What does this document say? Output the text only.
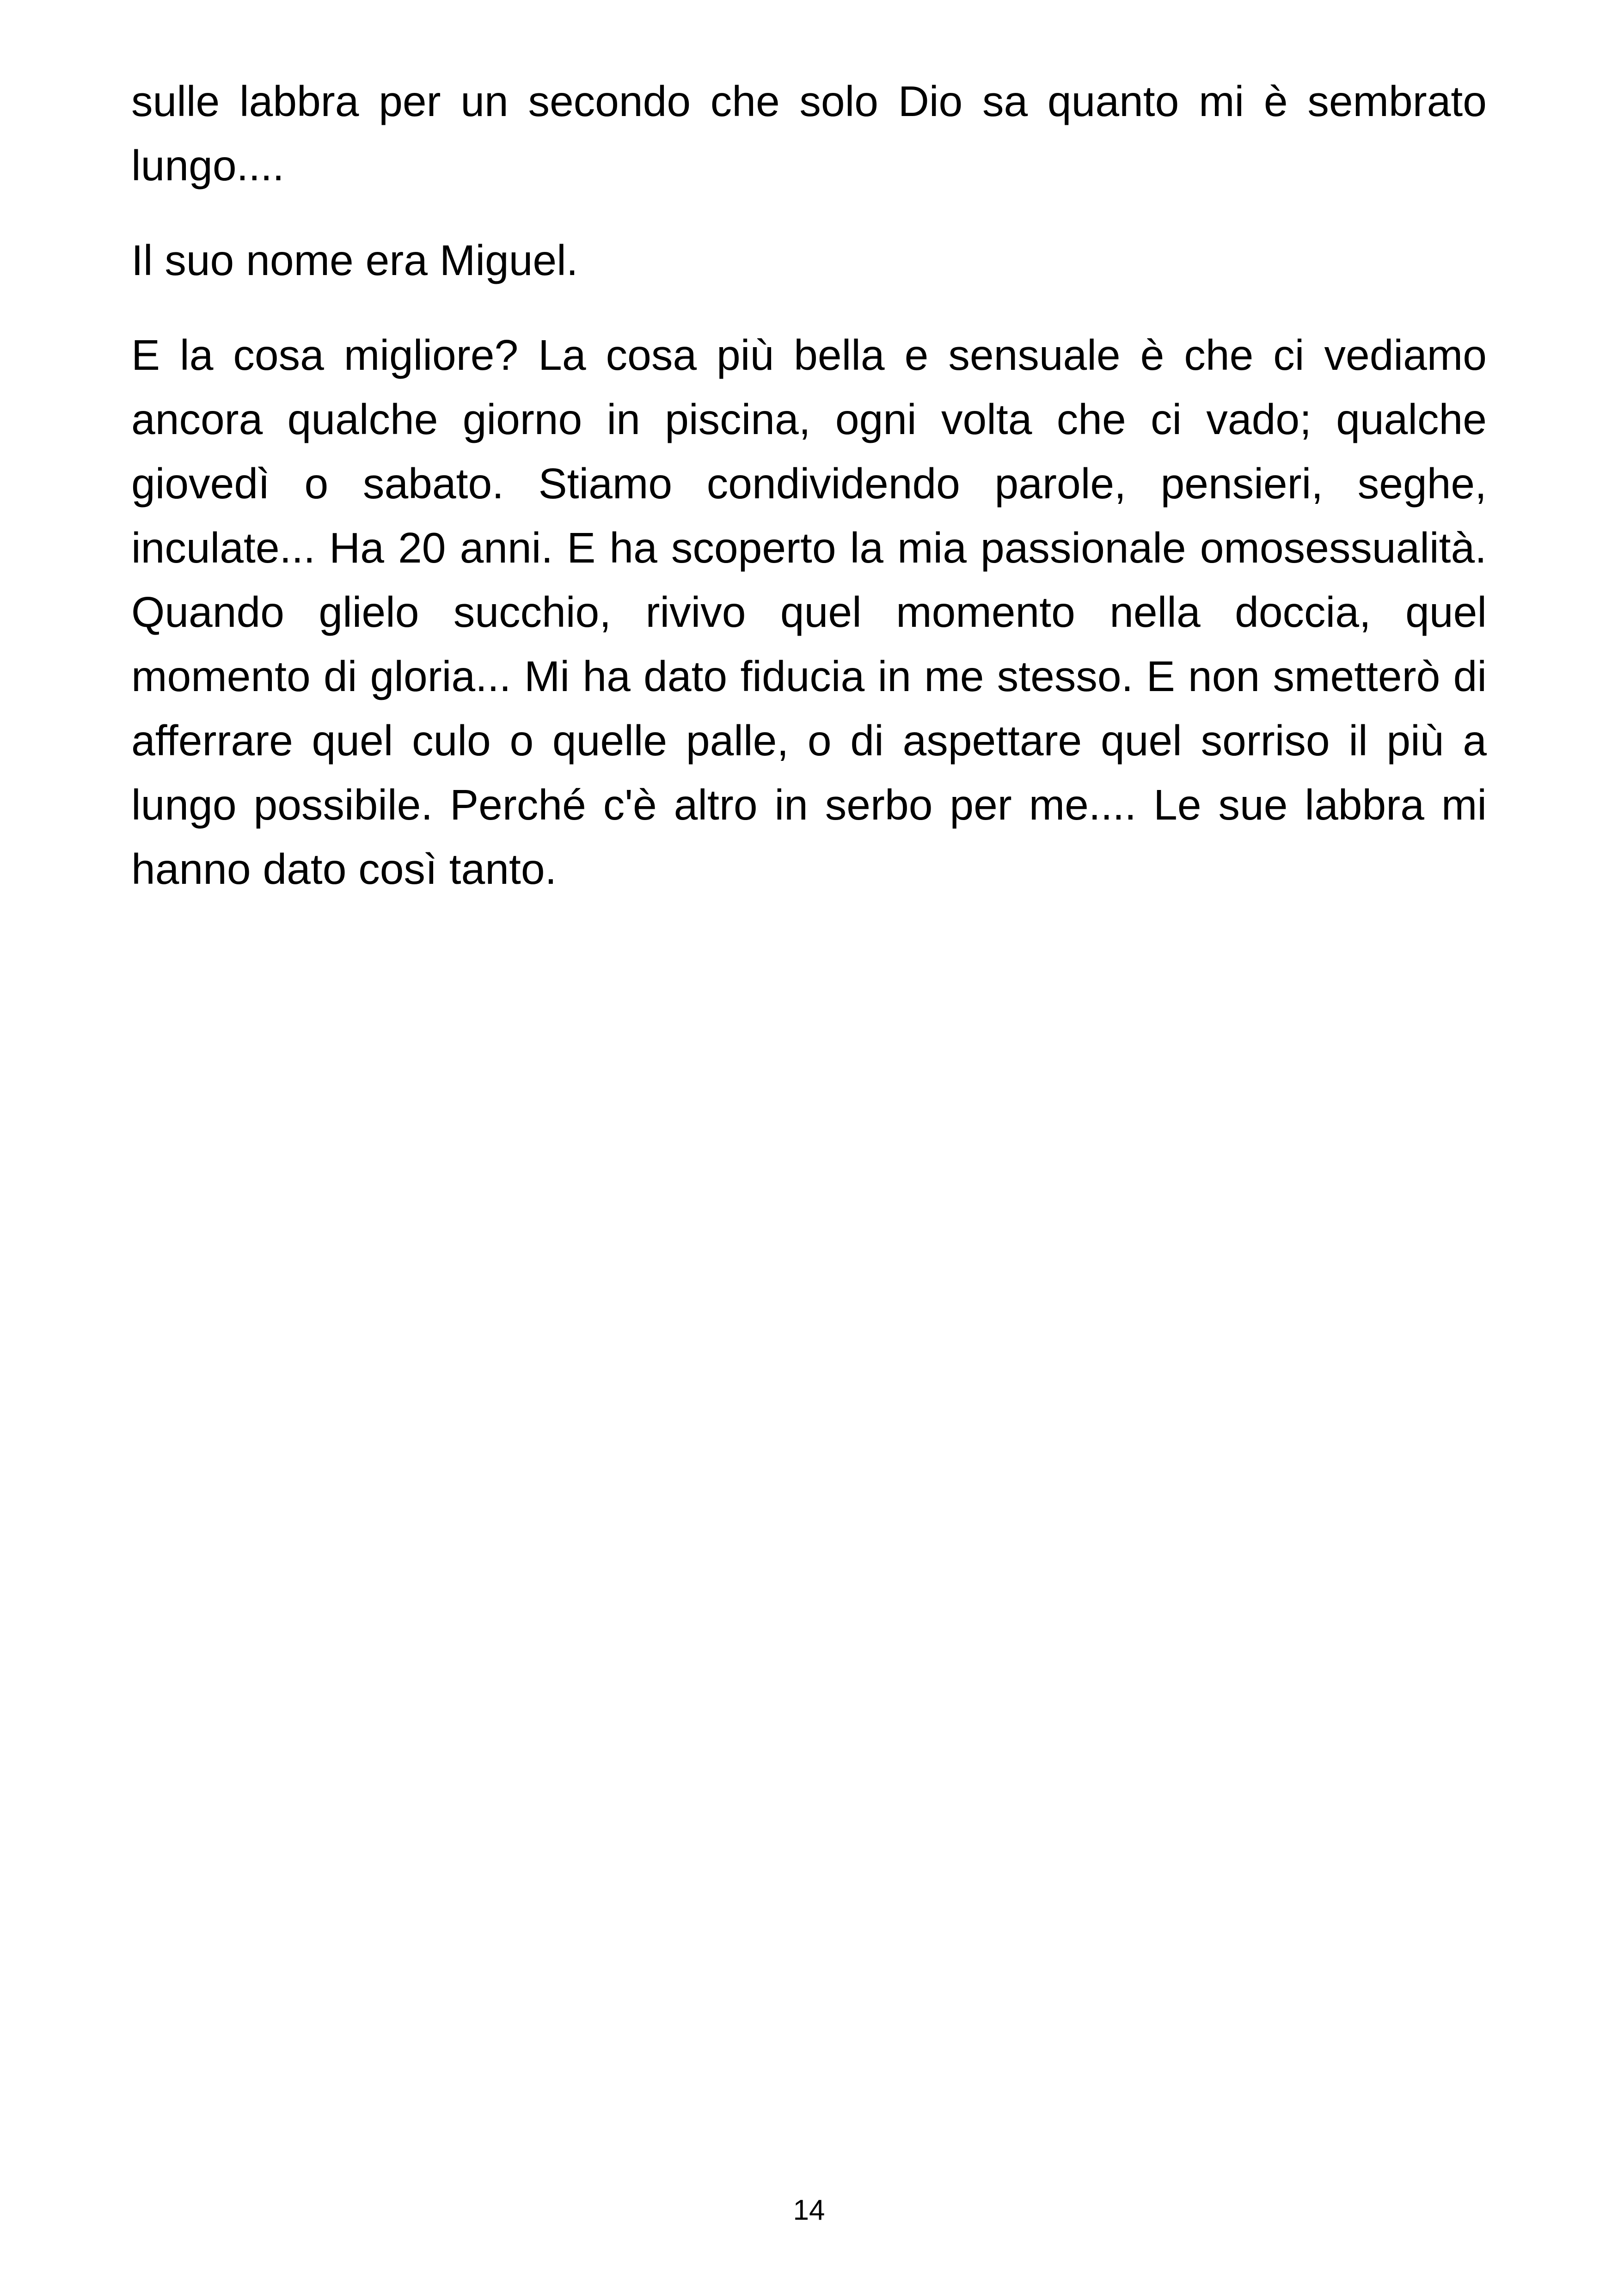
sulle labbra per un secondo che solo Dio sa quanto mi è sembrato lungo....

Il suo nome era Miguel.

E la cosa migliore? La cosa più bella e sensuale è che ci vediamo ancora qualche giorno in piscina, ogni volta che ci vado; qualche giovedì o sabato. Stiamo condividendo parole, pensieri, seghe, inculate... Ha 20 anni. E ha scoperto la mia passionale omosessualità. Quando glielo succhio, rivivo quel momento nella doccia, quel momento di gloria... Mi ha dato fiducia in me stesso. E non smetterò di afferrare quel culo o quelle palle, o di aspettare quel sorriso il più a lungo possibile. Perché c'è altro in serbo per me.... Le sue labbra mi hanno dato così tanto.

14
